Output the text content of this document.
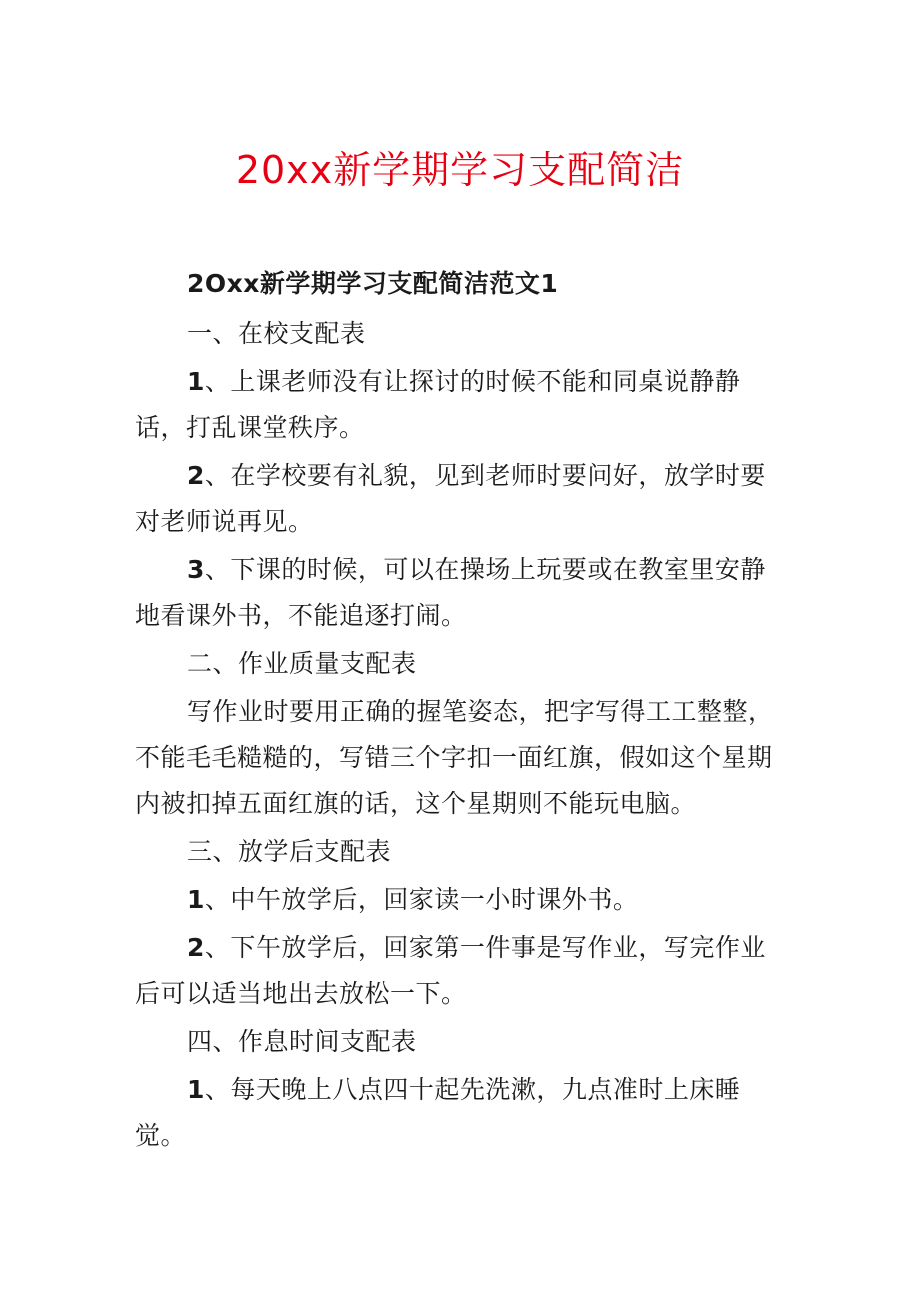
20xx新学期学习支配简洁

2Oxx新学期学习支配简洁范文1

一、在校支配表

1、上课老师没有让探讨的时候不能和同桌说静静话，打乱课堂秩序。

2、在学校要有礼貌，见到老师时要问好，放学时要对老师说再见。

3、下课的时候，可以在操场上玩要或在教室里安静地看课外书，不能追逐打闹。

二、作业质量支配表

写作业时要用正确的握笔姿态，把字写得工工整整，不能毛毛糙糙的，写错三个字扣一面红旗，假如这个星期内被扣掉五面红旗的话，这个星期则不能玩电脑。

三、放学后支配表

1、中午放学后，回家读一小时课外书。

2、下午放学后，回家第一件事是写作业，写完作业后可以适当地出去放松一下。

四、作息时间支配表

1、每天晚上八点四十起先洗漱，九点准时上床睡觉。
